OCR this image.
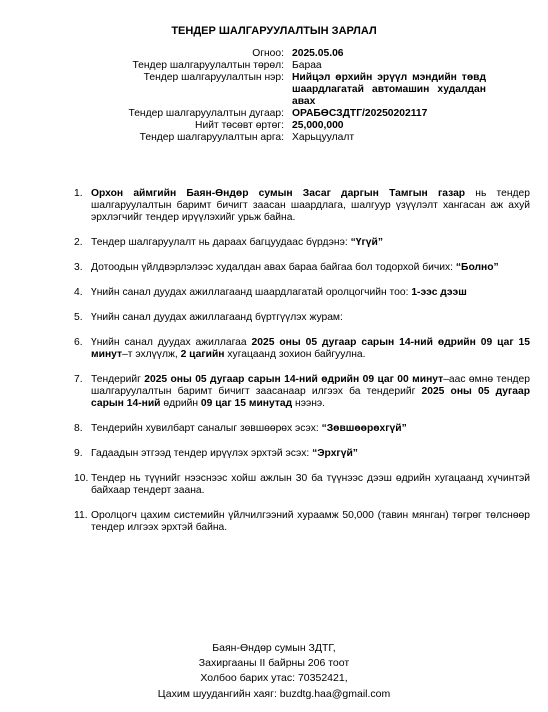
ТЕНДЕР ШАЛГАРУУЛАЛТЫН ЗАРЛАЛ
Огноо: 2025.05.06
Тендер шалгаруулалтын төрөл: Бараа
Тендер шалгаруулалтын нэр: Нийцэл өрхийн эрүүл мэндийн төвд шаардлагатай автомашин худалдан авах
Тендер шалгаруулалтын дугаар: ОРАБӨСЗДТГ/20250202117
Нийт төсөвт өртөг: 25,000,000
Тендер шалгаруулалтын арга: Харьцуулалт
1. Орхон аймгийн Баян-Өндөр сумын Засаг даргын Тамгын газар нь тендер шалгаруулалтын баримт бичигт заасан шаардлага, шалгуур үзүүлэлт хангасан аж ахуй эрхлэгчийг тендер ирүүлэхийг урьж байна.
2. Тендер шалгаруулалт нь дараах багцуудаас бүрдэнэ: “Үгүй”
3. Дотоодын үйлдвэрлэлээс худалдан авах бараа байгаа бол тодорхой бичих: “Болно”
4. Үнийн санал дуудах ажиллагаанд шаардлагатай оролцогчийн тоо: 1-ээс дээш
5. Үнийн санал дуудах ажиллагаанд бүртгүүлэх журам:
6. Үнийн санал дуудах ажиллагаа 2025 оны 05 дугаар сарын 14-ний өдрийн 09 цаг 15 минут–т эхлүүлж, 2 цагийн хугацаанд зохион байгуулна.
7. Тендерийг 2025 оны 05 дугаар сарын 14-ний өдрийн 09 цаг 00 минут–аас өмнө тендер шалгаруулалтын баримт бичигт заасанаар илгээх ба тендерийг 2025 оны 05 дугаар сарын 14-ний өдрийн 09 цаг 15 минутад нээнэ.
8. Тендерийн хувилбарт саналыг зөвшөөрөх эсэх: “Зөвшөөрөхгүй”
9. Гадаадын этгээд тендер ирүүлэх эрхтэй эсэх: “Эрхгүй”
10. Тендер нь түүнийг нээснээс хойш ажлын 30 ба түүнээс дээш өдрийн хугацаанд хүчинтэй байхаар тендерт заана.
11. Оролцогч цахим системийн үйлчилгээний хураамж 50,000 (тавин мянган) төгрөг төлснөөр тендер илгээх эрхтэй байна.
Баян-Өндөр сумын ЗДТГ,
Захиргааны II байрны 206 тоот
Холбоо барих утас: 70352421,
Цахим шуудангийн хаяг: buzdtg.haa@gmail.com
